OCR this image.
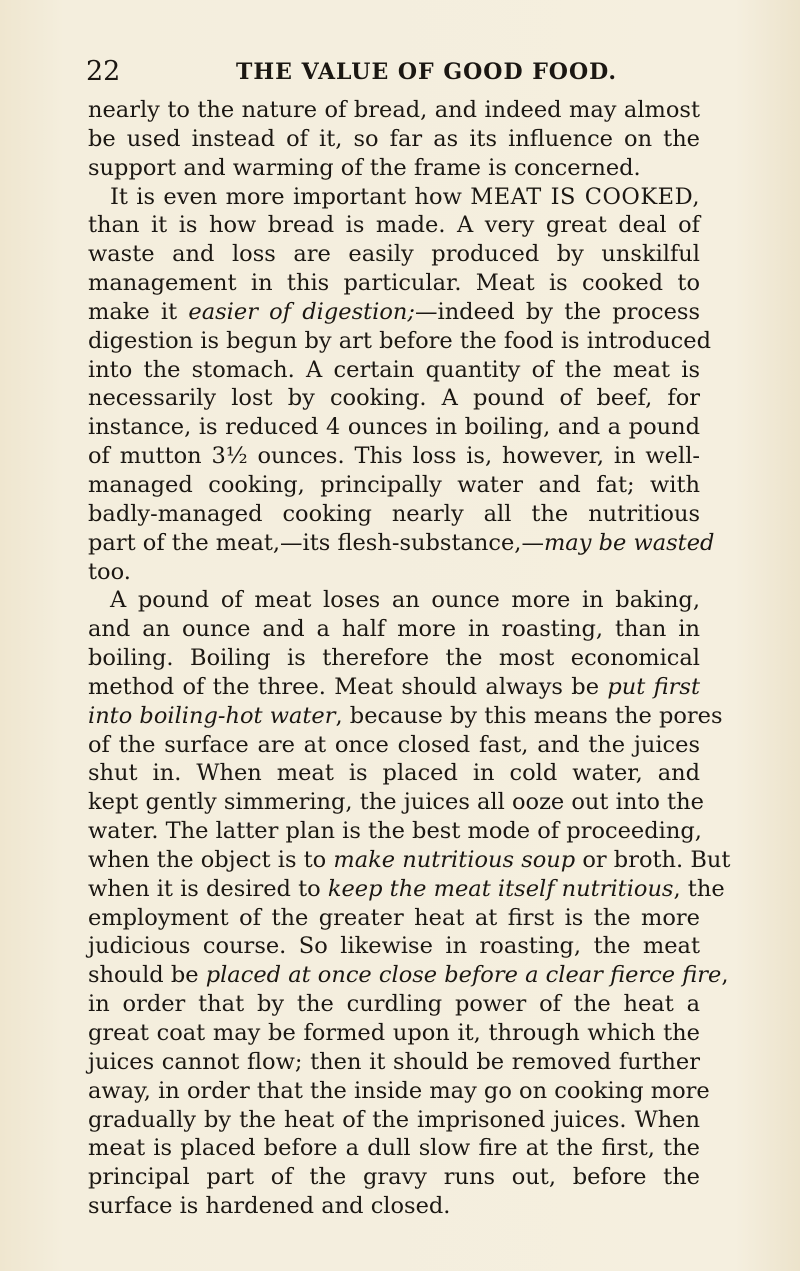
22	THE VALUE OF GOOD FOOD.
nearly to the nature of bread, and indeed may almost
be used instead of it, so far as its influence on the
support and warming of the frame is concerned.
It is even more important how MEAT IS COOKED,
than it is how bread is made. A very great deal of
waste and loss are easily produced by unskilful
management in this particular. Meat is cooked to
make it easier of digestion;—indeed by the process
digestion is begun by art before the food is introduced
into the stomach. A certain quantity of the meat is
necessarily lost by cooking. A pound of beef, for
instance, is reduced 4 ounces in boiling, and a pound
of mutton 3½ ounces. This loss is, however, in well-
managed cooking, principally water and fat; with
badly-managed cooking nearly all the nutritious
part of the meat,—its flesh-substance,—may be wasted
too.
A pound of meat loses an ounce more in baking,
and an ounce and a half more in roasting, than in
boiling. Boiling is therefore the most economical
method of the three. Meat should always be put first
into boiling-hot water, because by this means the pores
of the surface are at once closed fast, and the juices
shut in. When meat is placed in cold water, and
kept gently simmering, the juices all ooze out into the
water. The latter plan is the best mode of proceeding,
when the object is to make nutritious soup or broth. But
when it is desired to keep the meat itself nutritious, the
employment of the greater heat at first is the more
judicious course. So likewise in roasting, the meat
should be placed at once close before a clear fierce fire,
in order that by the curdling power of the heat a
great coat may be formed upon it, through which the
juices cannot flow; then it should be removed further
away, in order that the inside may go on cooking more
gradually by the heat of the imprisoned juices. When
meat is placed before a dull slow fire at the first, the
principal part of the gravy runs out, before the
surface is hardened and closed.
